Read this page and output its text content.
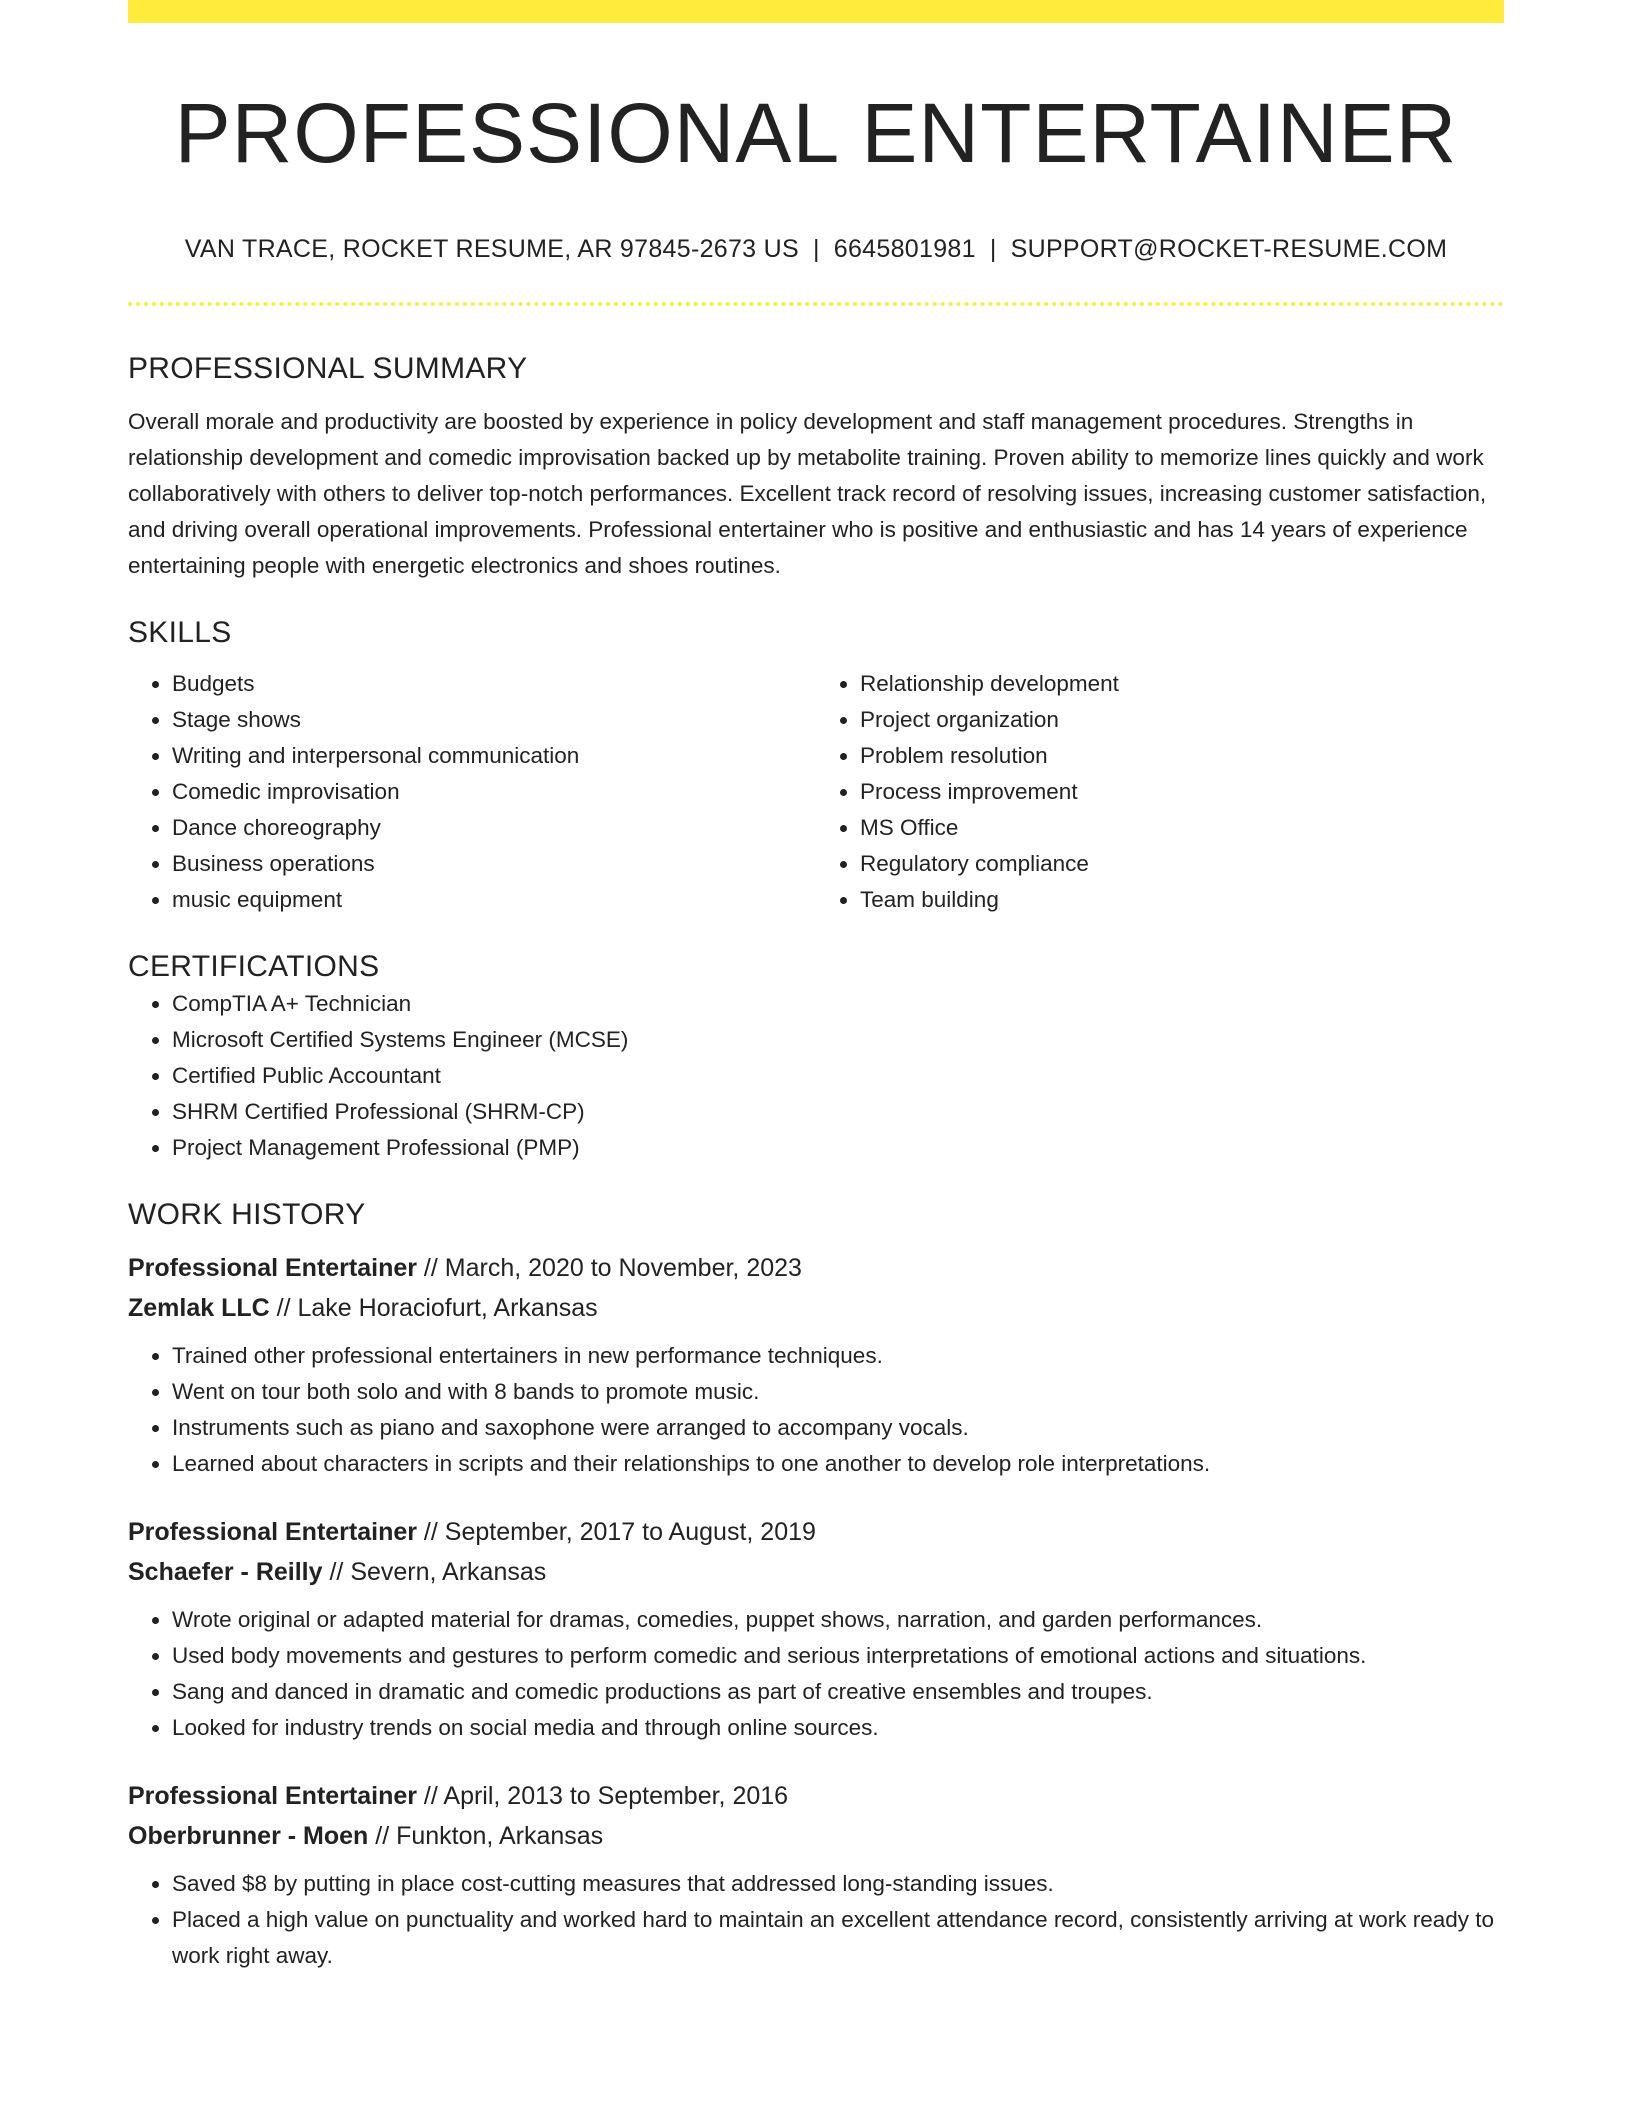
PROFESSIONAL ENTERTAINER
VAN TRACE, ROCKET RESUME, AR 97845-2673 US | 6645801981 | SUPPORT@ROCKET-RESUME.COM
PROFESSIONAL SUMMARY
Overall morale and productivity are boosted by experience in policy development and staff management procedures. Strengths in relationship development and comedic improvisation backed up by metabolite training. Proven ability to memorize lines quickly and work collaboratively with others to deliver top-notch performances. Excellent track record of resolving issues, increasing customer satisfaction, and driving overall operational improvements. Professional entertainer who is positive and enthusiastic and has 14 years of experience entertaining people with energetic electronics and shoes routines.
SKILLS
• Budgets
• Stage shows
• Writing and interpersonal communication
• Comedic improvisation
• Dance choreography
• Business operations
• music equipment
• Relationship development
• Project organization
• Problem resolution
• Process improvement
• MS Office
• Regulatory compliance
• Team building
CERTIFICATIONS
• CompTIA A+ Technician
• Microsoft Certified Systems Engineer (MCSE)
• Certified Public Accountant
• SHRM Certified Professional (SHRM-CP)
• Project Management Professional (PMP)
WORK HISTORY
Professional Entertainer // March, 2020 to November, 2023
Zemlak LLC // Lake Horaciofurt, Arkansas
• Trained other professional entertainers in new performance techniques.
• Went on tour both solo and with 8 bands to promote music.
• Instruments such as piano and saxophone were arranged to accompany vocals.
• Learned about characters in scripts and their relationships to one another to develop role interpretations.
Professional Entertainer // September, 2017 to August, 2019
Schaefer - Reilly // Severn, Arkansas
• Wrote original or adapted material for dramas, comedies, puppet shows, narration, and garden performances.
• Used body movements and gestures to perform comedic and serious interpretations of emotional actions and situations.
• Sang and danced in dramatic and comedic productions as part of creative ensembles and troupes.
• Looked for industry trends on social media and through online sources.
Professional Entertainer // April, 2013 to September, 2016
Oberbrunner - Moen // Funkton, Arkansas
• Saved $8 by putting in place cost-cutting measures that addressed long-standing issues.
• Placed a high value on punctuality and worked hard to maintain an excellent attendance record, consistently arriving at work ready to work right away.
